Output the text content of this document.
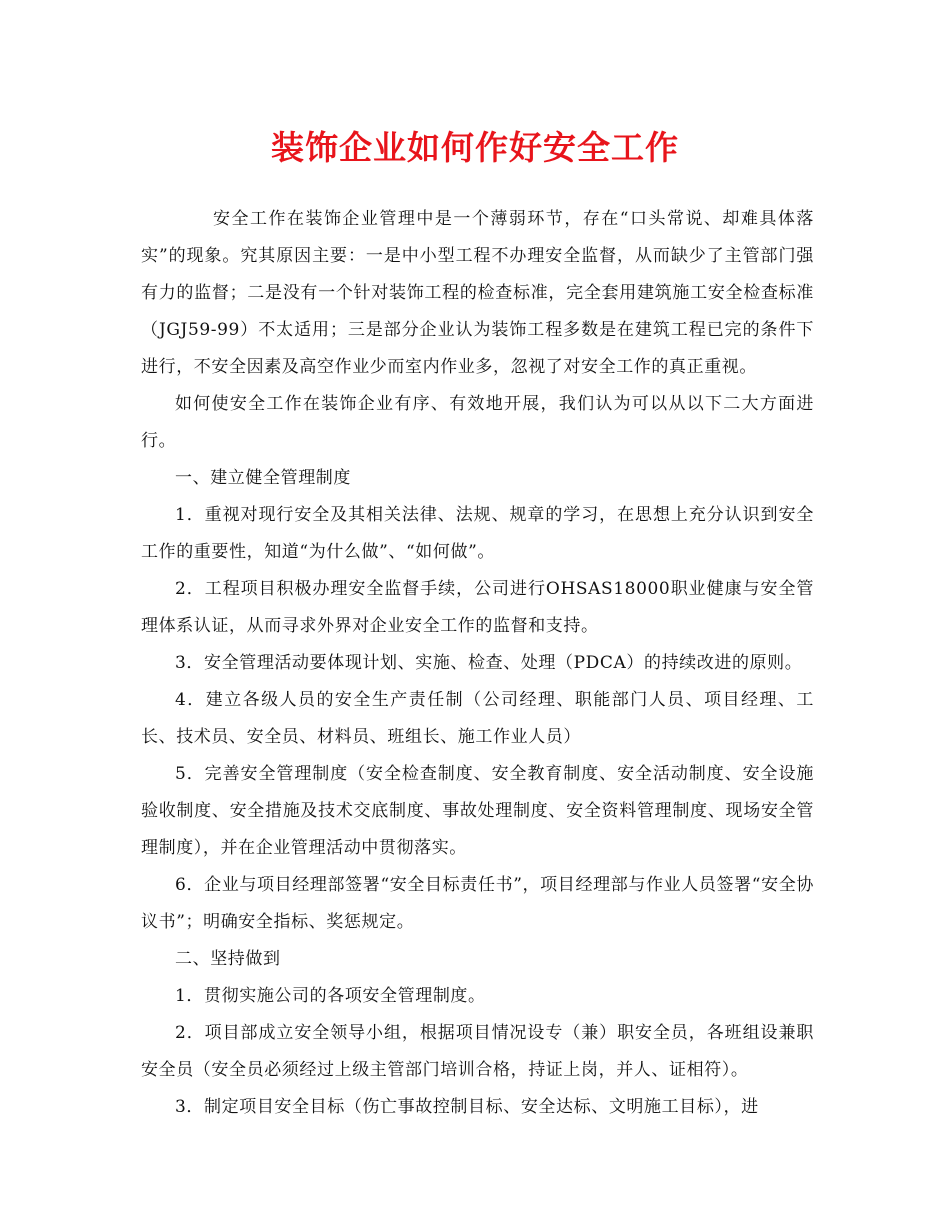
装饰企业如何作好安全工作

安全工作在装饰企业管理中是一个薄弱环节，存在“口头常说、却难具体落实”的现象。究其原因主要：一是中小型工程不办理安全监督，从而缺少了主管部门强有力的监督；二是没有一个针对装饰工程的检查标准，完全套用建筑施工安全检查标准（JGJ59-99）不太适用；三是部分企业认为装饰工程多数是在建筑工程已完的条件下进行，不安全因素及高空作业少而室内作业多，忽视了对安全工作的真正重视。

如何使安全工作在装饰企业有序、有效地开展，我们认为可以从以下二大方面进行。

一、建立健全管理制度

1．重视对现行安全及其相关法律、法规、规章的学习，在思想上充分认识到安全工作的重要性，知道“为什么做”、“如何做”。

2．工程项目积极办理安全监督手续，公司进行OHSAS18000职业健康与安全管理体系认证，从而寻求外界对企业安全工作的监督和支持。

3．安全管理活动要体现计划、实施、检查、处理（PDCA）的持续改进的原则。

4．建立各级人员的安全生产责任制（公司经理、职能部门人员、项目经理、工长、技术员、安全员、材料员、班组长、施工作业人员）

5．完善安全管理制度（安全检查制度、安全教育制度、安全活动制度、安全设施验收制度、安全措施及技术交底制度、事故处理制度、安全资料管理制度、现场安全管理制度），并在企业管理活动中贯彻落实。

6．企业与项目经理部签署“安全目标责任书”，项目经理部与作业人员签署“安全协议书”；明确安全指标、奖惩规定。

二、坚持做到

1．贯彻实施公司的各项安全管理制度。

2．项目部成立安全领导小组，根据项目情况设专（兼）职安全员，各班组设兼职安全员（安全员必须经过上级主管部门培训合格，持证上岗，并人、证相符）。

3．制定项目安全目标（伤亡事故控制目标、安全达标、文明施工目标），进
